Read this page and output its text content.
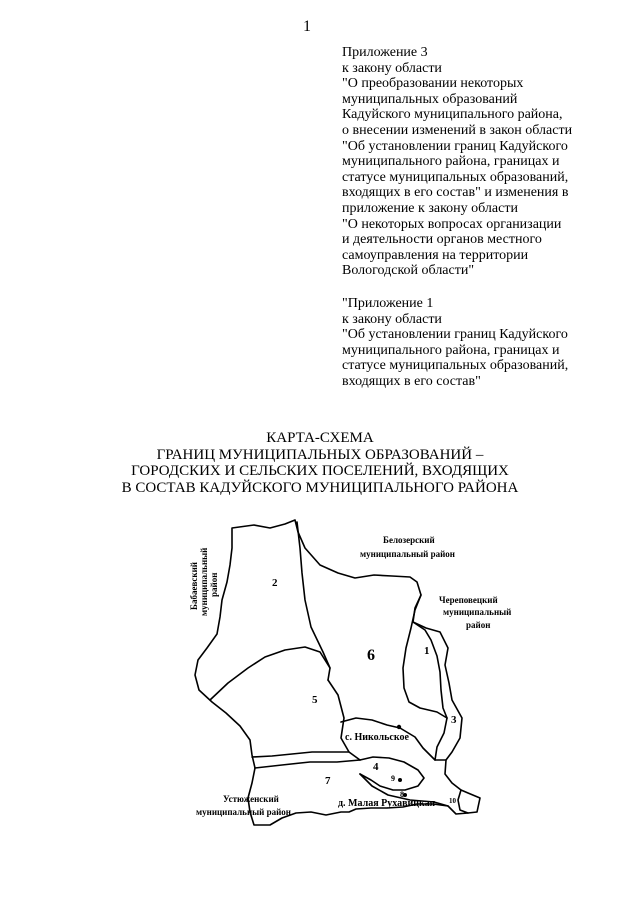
1
Приложение 3
к закону области
"О преобразовании некоторых
муниципальных образований
Кадуйского муниципального района,
о внесении изменений в закон области
"Об установлении границ Кадуйского
муниципального района, границах и
статусе муниципальных образований,
входящих в его состав" и изменения в
приложение к закону области
"О некоторых вопросах организации
и деятельности органов местного
самоуправления на территории
Вологодской области"
"Приложение 1
к закону области
"Об установлении границ Кадуйского
муниципального района, границах и
статусе муниципальных образований,
входящих в его состав"
КАРТА-СХЕМА
ГРАНИЦ МУНИЦИПАЛЬНЫХ ОБРАЗОВАНИЙ –
ГОРОДСКИХ И СЕЛЬСКИХ ПОСЕЛЕНИЙ, ВХОДЯЩИХ
В СОСТАВ КАДУЙСКОГО МУНИЦИПАЛЬНОГО РАЙОНА
Бабаевский муниципальный район
Белозерский
муниципальный район
Череповецкий
муниципальный
район
Устюженский
муниципальный район
с. Никольское
д. Малая Рухавицкая
1
2
3
4
5
6
7
8
9
10
